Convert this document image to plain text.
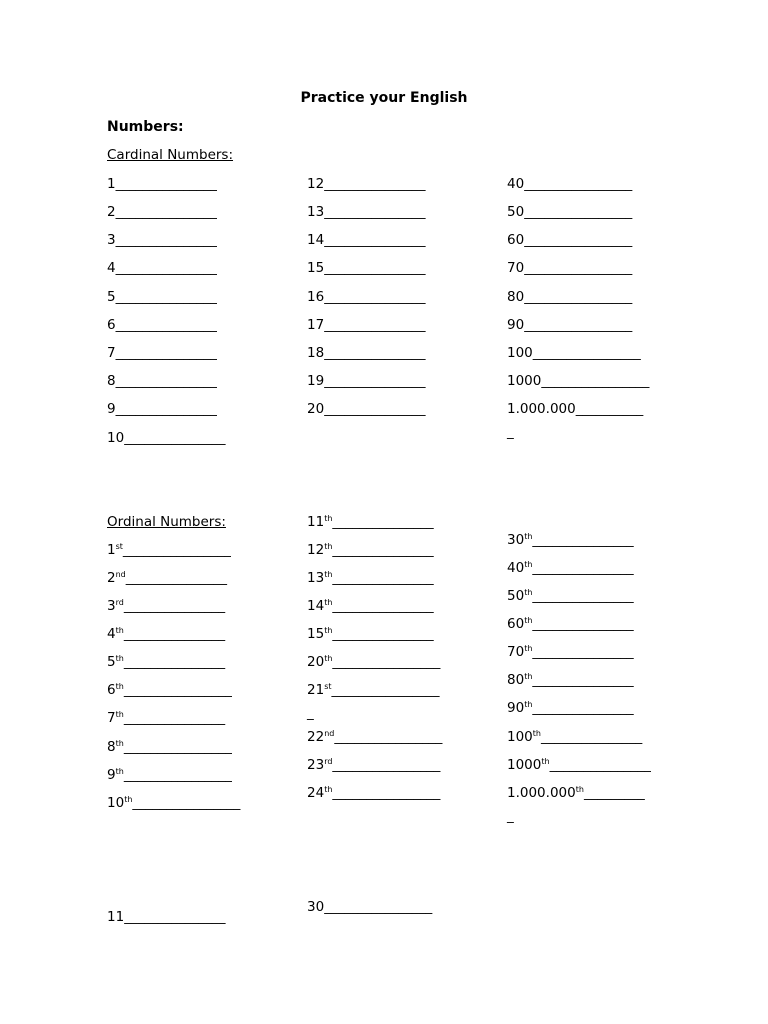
Practice your English
Numbers:
Cardinal Numbers:
Ordinal Numbers:
1_______________
2_______________
3_______________
4_______________
5_______________
6_______________
7_______________
8_______________
9_______________
10_______________
11_______________
12_______________
13_______________
14_______________
15_______________
16_______________
17_______________
18_______________
19_______________
20_______________
40________________
50________________
60________________
70________________
80________________
90________________
100________________
1000________________
1.000.000__________
_
1st________________
2nd_______________
3rd_______________
4th_______________
5th_______________
6th________________
7th_______________
8th________________
9th________________
10th________________
11th_______________
12th_______________
13th_______________
14th_______________
15th_______________
20th________________
21st________________
_
22nd________________
23rd________________
24th________________
30________________
30th_______________
40th_______________
50th_______________
60th_______________
70th_______________
80th_______________
90th_______________
100th_______________
1000th_______________
1.000.000th_________
_
